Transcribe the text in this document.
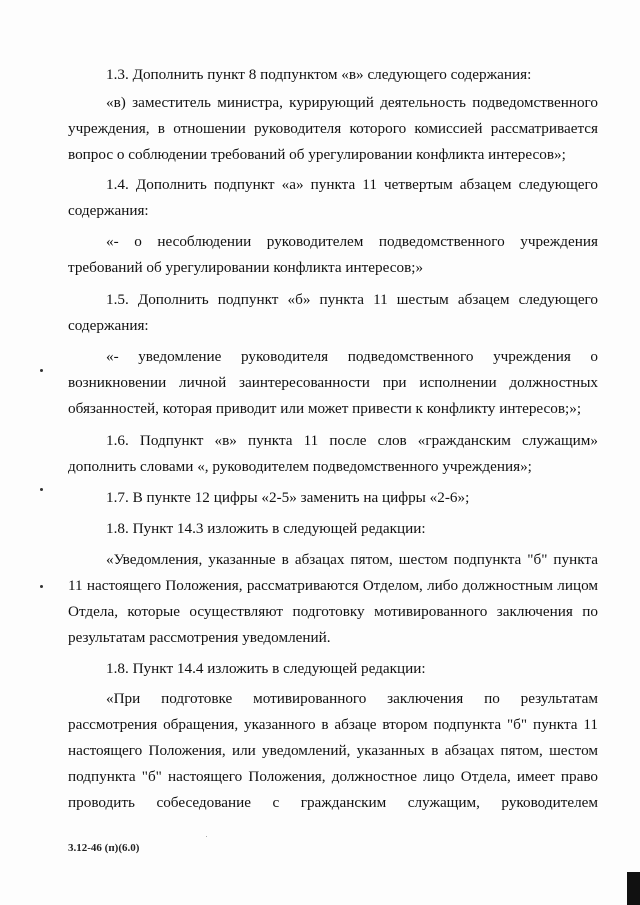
1.3. Дополнить пункт 8 подпунктом «в» следующего содержания:

«в) заместитель министра, курирующий деятельность подведомственного учреждения, в отношении руководителя которого комиссией рассматривается вопрос о соблюдении требований об урегулировании конфликта интересов»;

1.4. Дополнить подпункт «а» пункта 11 четвертым абзацем следующего содержания:

«- о несоблюдении руководителем подведомственного учреждения требований об урегулировании конфликта интересов;»

1.5. Дополнить подпункт «б» пункта 11 шестым абзацем следующего содержания:

«- уведомление руководителя подведомственного учреждения о возникновении личной заинтересованности при исполнении должностных обязанностей, которая приводит или может привести к конфликту интересов;»;

1.6. Подпункт «в» пункта 11 после слов «гражданским служащим» дополнить словами «, руководителем подведомственного учреждения»;

1.7. В пункте 12 цифры «2-5» заменить на цифры «2-6»;

1.8. Пункт 14.3 изложить в следующей редакции:

«Уведомления, указанные в абзацах пятом, шестом подпункта "б" пункта 11 настоящего Положения, рассматриваются Отделом, либо должностным лицом Отдела, которые осуществляют подготовку мотивированного заключения по результатам рассмотрения уведомлений.

1.8. Пункт 14.4 изложить в следующей редакции:

«При подготовке мотивированного заключения по результатам рассмотрения обращения, указанного в абзаце втором подпункта "б" пункта 11 настоящего Положения, или уведомлений, указанных в абзацах пятом, шестом подпункта "б" настоящего Положения, должностное лицо Отдела, имеет право проводить собеседование с гражданским служащим, руководителем

3.12-46 (п)(6.0)
